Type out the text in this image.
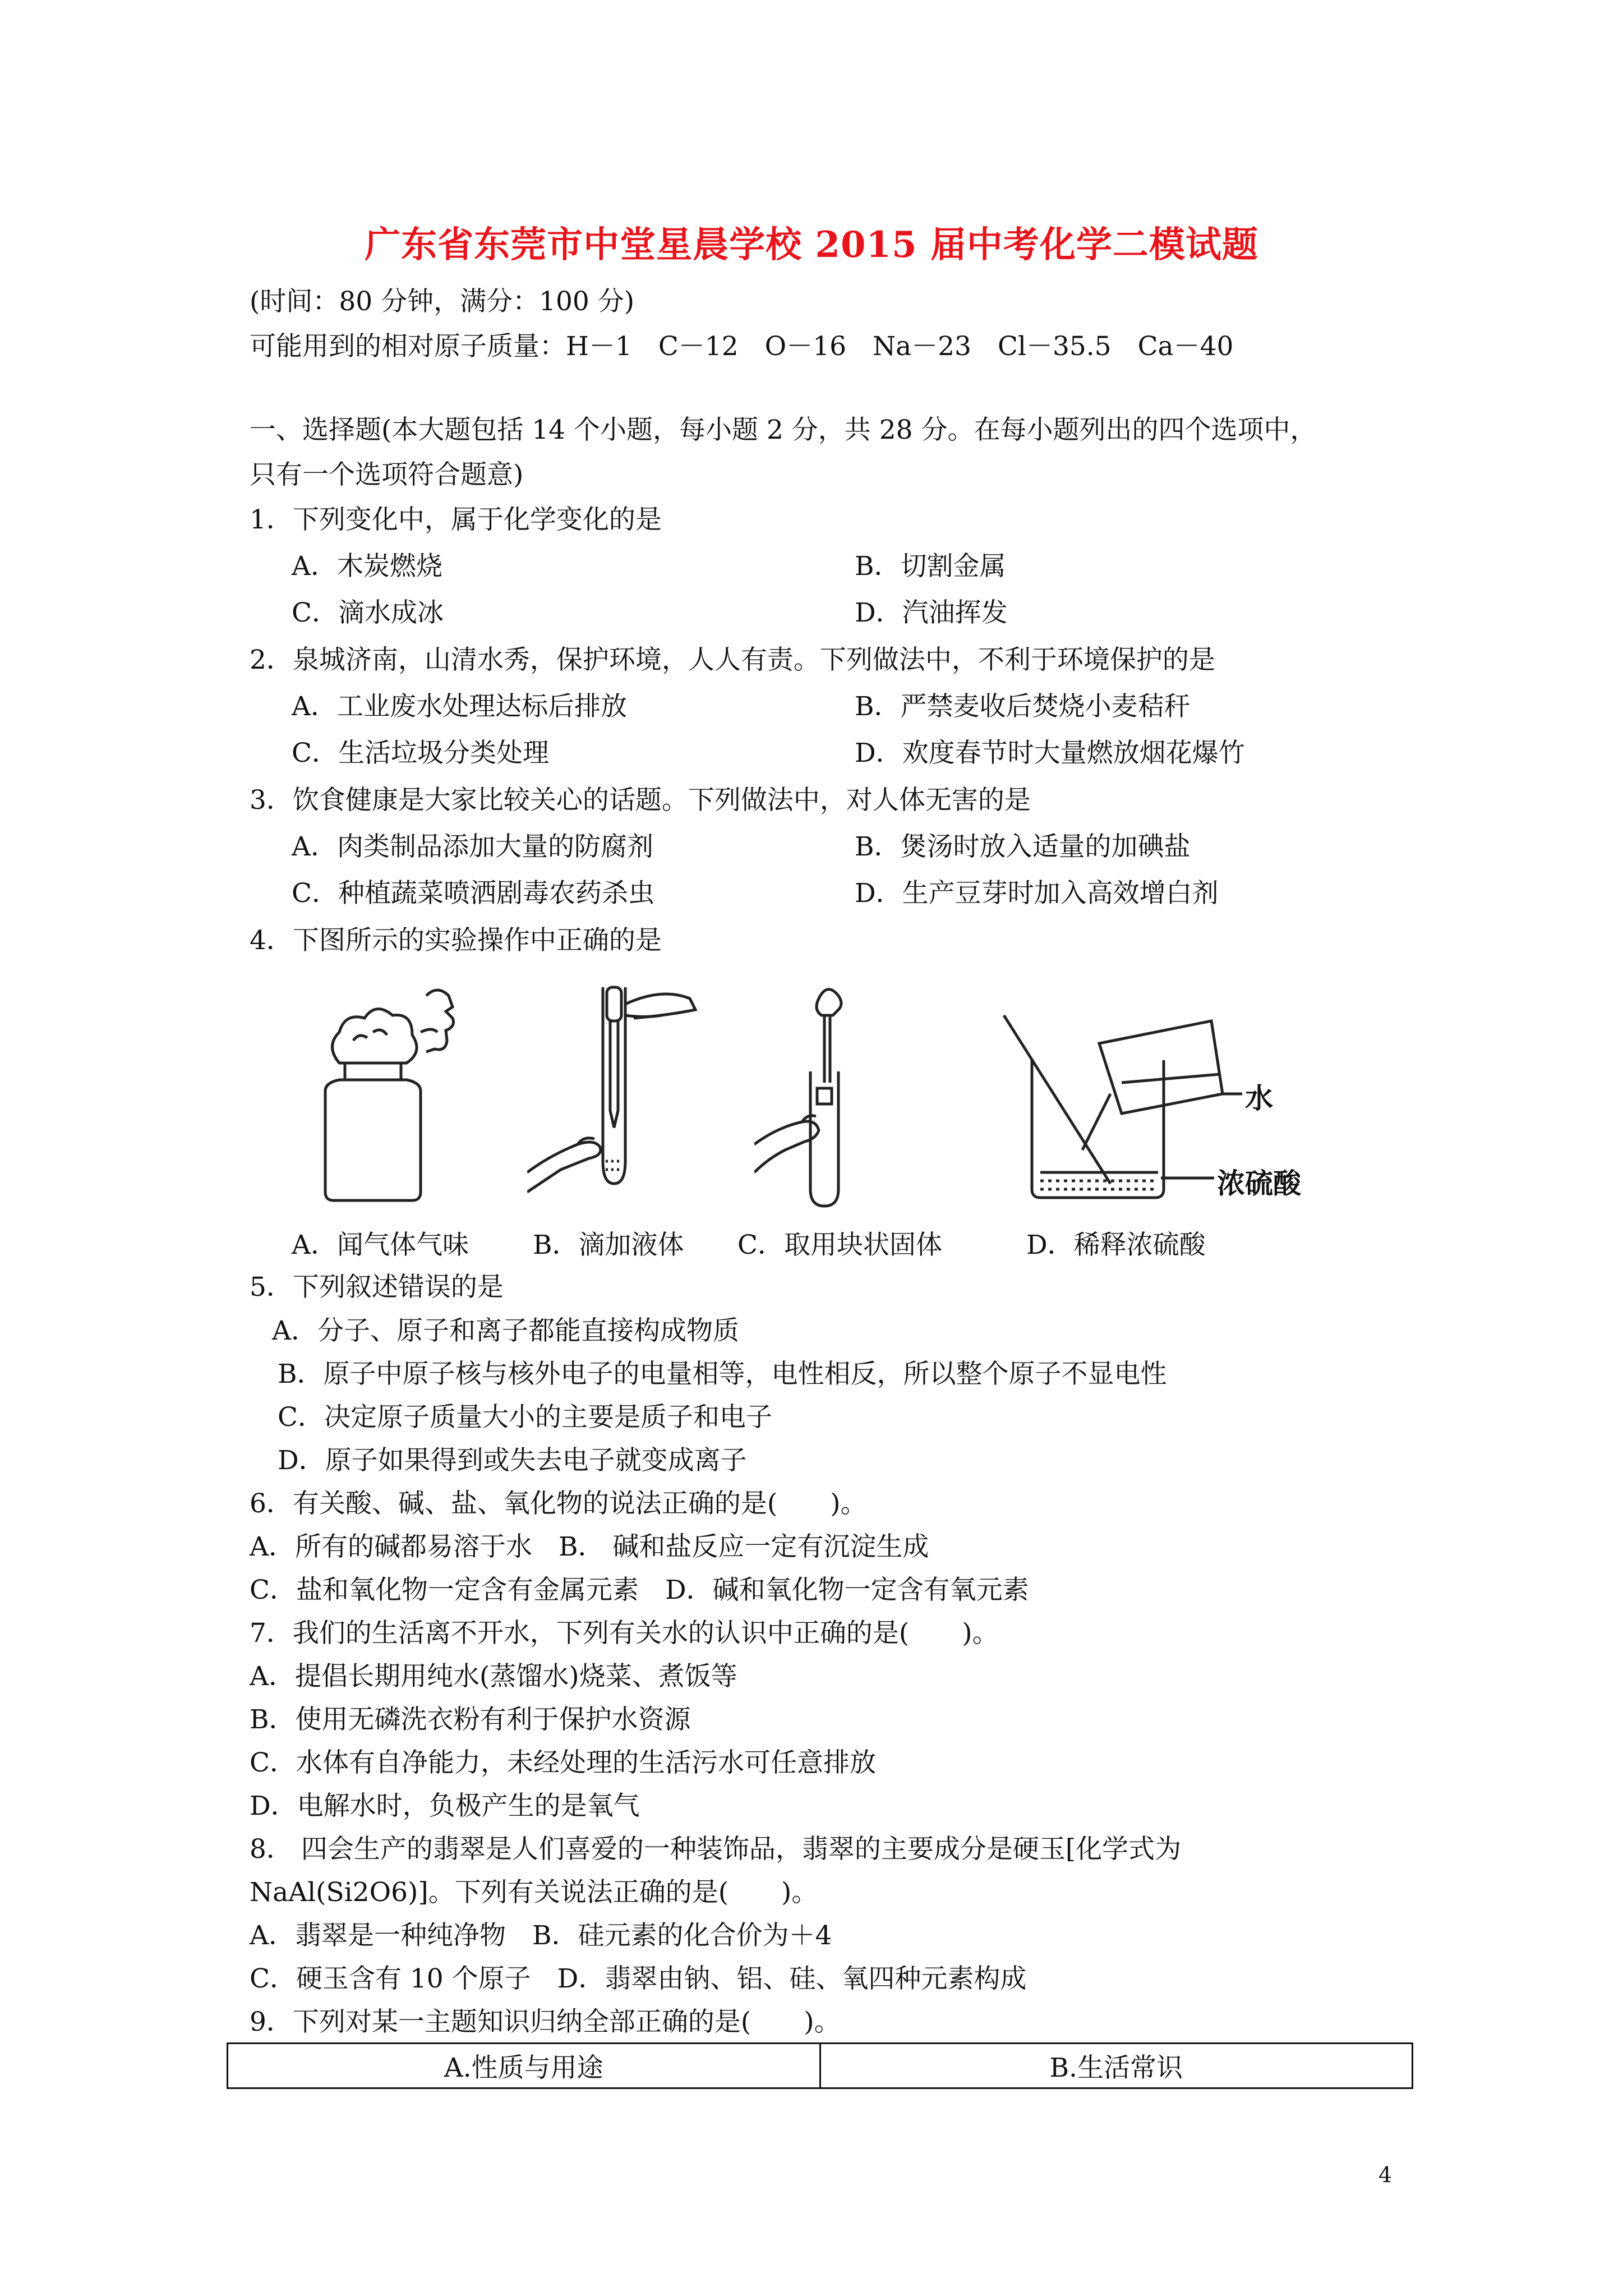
广东省东莞市中堂星晨学校 2015 届中考化学二模试题
(时间：80 分钟，满分：100 分)
可能用到的相对原子质量：H－1　C－12　O－16　Na－23　Cl－35.5　Ca－40
一、选择题(本大题包括 14 个小题，每小题 2 分，共 28 分。在每小题列出的四个选项中，
只有一个选项符合题意)
1．下列变化中，属于化学变化的是
A．木炭燃烧	B．切割金属
C．滴水成冰	D．汽油挥发
2．泉城济南，山清水秀，保护环境，人人有责。下列做法中，不利于环境保护的是
A．工业废水处理达标后排放	B．严禁麦收后焚烧小麦秸秆
C．生活垃圾分类处理	D．欢度春节时大量燃放烟花爆竹
3．饮食健康是大家比较关心的话题。下列做法中，对人体无害的是
A．肉类制品添加大量的防腐剂	B．煲汤时放入适量的加碘盐
C．种植蔬菜喷洒剧毒农药杀虫	D．生产豆芽时加入高效增白剂
4．下图所示的实验操作中正确的是
水
浓硫酸
A．闻气体气味 B．滴加液体 C．取用块状固体	D．稀释浓硫酸
5．下列叙述错误的是
A．分子、原子和离子都能直接构成物质
B．原子中原子核与核外电子的电量相等，电性相反，所以整个原子不显电性
C．决定原子质量大小的主要是质子和电子
D．原子如果得到或失去电子就变成离子
6．有关酸、碱、盐、氧化物的说法正确的是(　　)。
A．所有的碱都易溶于水　B． 碱和盐反应一定有沉淀生成
C．盐和氧化物一定含有金属元素　D．碱和氧化物一定含有氧元素
7．我们的生活离不开水，下列有关水的认识中正确的是(　　)。
A．提倡长期用纯水(蒸馏水)烧菜、煮饭等
B．使用无磷洗衣粉有利于保护水资源
C．水体有自净能力，未经处理的生活污水可任意排放
D．电解水时，负极产生的是氧气
8． 四会生产的翡翠是人们喜爱的一种装饰品，翡翠的主要成分是硬玉[化学式为
NaAl(Si2O6)]。下列有关说法正确的是(　　)。
A．翡翠是一种纯净物　B．硅元素的化合价为＋4
C．硬玉含有 10 个原子　D．翡翠由钠、铝、硅、氧四种元素构成
9．下列对某一主题知识归纳全部正确的是(　　)。
A.性质与用途	B.生活常识
4
